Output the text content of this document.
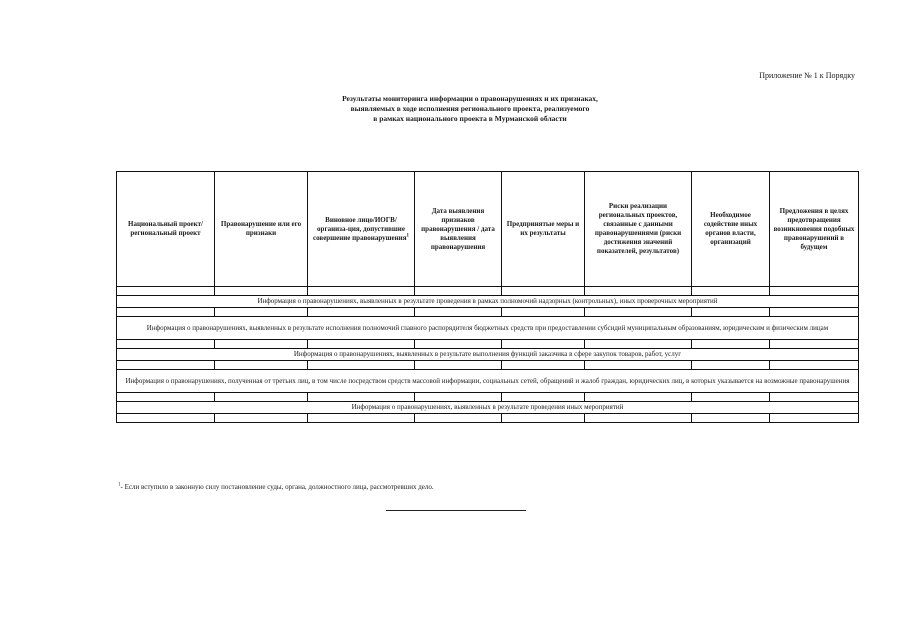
Приложение № 1 к Порядку
Результаты мониторинга информации о правонарушениях и их признаках,
выявляемых в ходе исполнения регионального проекта, реализуемого
в рамках национального проекта в Мурманской области
Национальный проект/региональный проект	Правонарушение или его признаки	Виновное лицо/ИОГВ/организа-ция, допустившие совершение правонарушения$^1$	Дата выявления признаков правонарушения / дата выявления правонарушения	Предпринятые меры и их результаты	Риски реализации региональных проектов, связанные с данными правонарушениями (риски достижения значений показателей, результатов)	Необходимое содействие иных органов власти, организаций	Предложения в целях предотвращения возникновения подобных правонарушений в будущем

Информация о правонарушениях, выявленных в результате проведения в рамках полномочий надзорных (контрольных), иных проверочных мероприятий							

Информация о правонарушениях, выявленных в результате исполнения полномочий главного распорядителя бюджетных средств при предоставлении субсидий муниципальным образованиям, юридическим и физическим лицам							

Информация о правонарушениях, выявленных в результате выполнения функций заказчика в сфере закупок товаров, работ, услуг							

Информация о правонарушениях, полученная от третьих лиц, в том числе посредством средств массовой информации, социальных сетей, обращений и жалоб граждан, юридических лиц, в которых указывается на возможные правонарушения							

Информация о правонарушениях, выявленных в результате проведения иных мероприятий							

$^1$- Если вступило в законную силу постановление суды, органа, должностного лица, рассмотревших дело.
